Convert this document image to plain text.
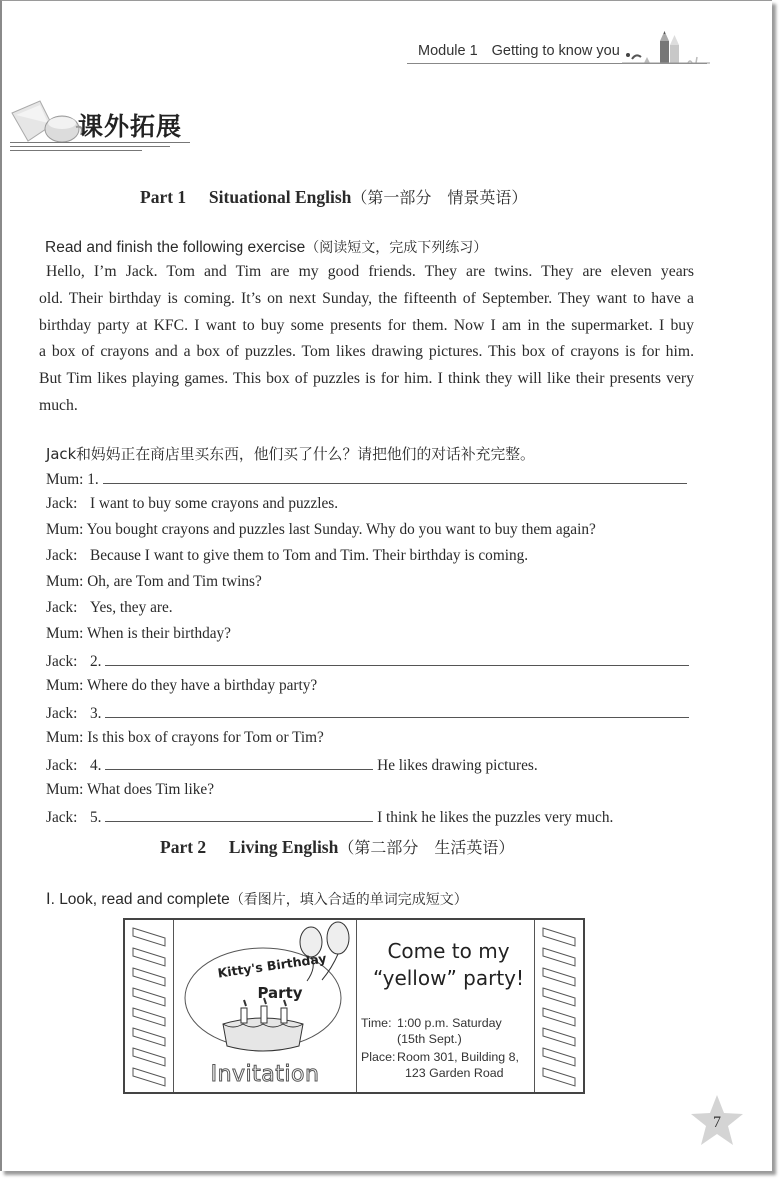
Module 1 Getting to know you
课外拓展
Part 1 Situational English（第一部分　情景英语）
Read and finish the following exercise（阅读短文，完成下列练习）
Hello, I’m Jack. Tom and Tim are my good friends. They are twins. They are eleven years
old. Their birthday is coming. It’s on next Sunday, the fifteenth of September. They want to have a
birthday party at KFC. I want to buy some presents for them. Now I am in the supermarket. I buy
a box of crayons and a box of puzzles. Tom likes drawing pictures. This box of crayons is for him.
But Tim likes playing games. This box of puzzles is for him. I think they will like their presents very
much.
Jack和妈妈正在商店里买东西，他们买了什么？请把他们的对话补充完整。
Mum: 1.
Jack: I want to buy some crayons and puzzles.
Mum: You bought crayons and puzzles last Sunday. Why do you want to buy them again?
Jack: Because I want to give them to Tom and Tim. Their birthday is coming.
Mum: Oh, are Tom and Tim twins?
Jack: Yes, they are.
Mum: When is their birthday?
Jack: 2.
Mum: Where do they have a birthday party?
Jack: 3.
Mum: Is this box of crayons for Tom or Tim?
Jack: 4.	He likes drawing pictures.
Mum: What does Tim like?
Jack: 5.	I think he likes the puzzles very much.
Part 2 Living English（第二部分　生活英语）
Ⅰ. Look, read and complete（看图片，填入合适的单词完成短文）
Kitty's Birthday
Party
Invitation
Come to my
“yellow” party!
Time: 1:00 p.m. Saturday
(15th Sept.)
Place: Room 301, Building 8,
123 Garden Road
7
